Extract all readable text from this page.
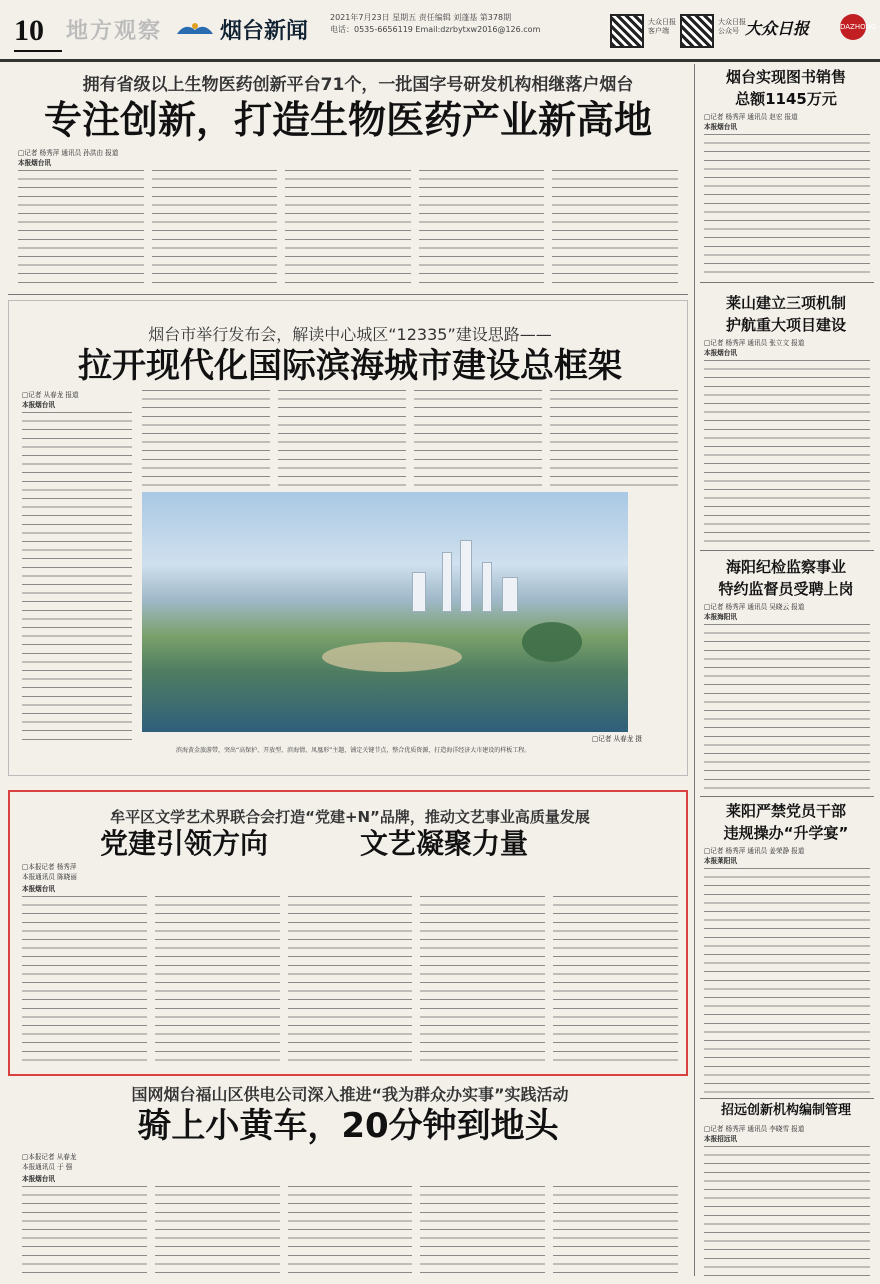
10 地方观察	烟台新闻
2021年7月23日 星期五 责任编辑 刘蓬基 第378期
电话：0535-6656119 Email:dzrbytxw2016@126.com
大众日报客户端
大众日报公众号 大众日报	DAZHONG
拥有省级以上生物医药创新平台71个，一批国字号研发机构相继落户烟台
专注创新，打造生物医药产业新高地
□记者 杨秀萍 通讯员 孙洪由 报道
本报烟台讯
烟台市举行发布会，解读中心城区“12335”建设思路——
拉开现代化国际滨海城市建设总框架
□记者 从春龙 报道
本报烟台讯
□记者 从春龙 摄
滨海黄金旅游带，突出“高保护、开放型、滨海情、凤凰形”主题，铺定关键节点，整合优质资源，打造海洋经济大市建设的样板工程。
牟平区文学艺术界联合会打造“党建+N”品牌，推动文艺事业高质量发展
党建引领方向	文艺凝聚力量
□本报记者 杨秀萍
本报通讯员 陈晓丽
本报烟台讯
国网烟台福山区供电公司深入推进“我为群众办实事”实践活动
骑上小黄车，20分钟到地头
□本报记者 从春龙
本报通讯员 于 强
本报烟台讯
烟台实现图书销售
总额1145万元
□记者 杨秀萍 通讯员 赵宏 报道
本报烟台讯
莱山建立三项机制
护航重大项目建设
□记者 杨秀萍 通讯员 张立文 报道
本报烟台讯
海阳纪检监察事业
特约监督员受聘上岗
□记者 杨秀萍 通讯员 吴晓云 报道
本报海阳讯
莱阳严禁党员干部
违规操办“升学宴”
□记者 杨秀萍 通讯员 姜荣静 报道
本报莱阳讯
招远创新机构编制管理
□记者 杨秀萍 通讯员 李晓雪 报道
本报招远讯
